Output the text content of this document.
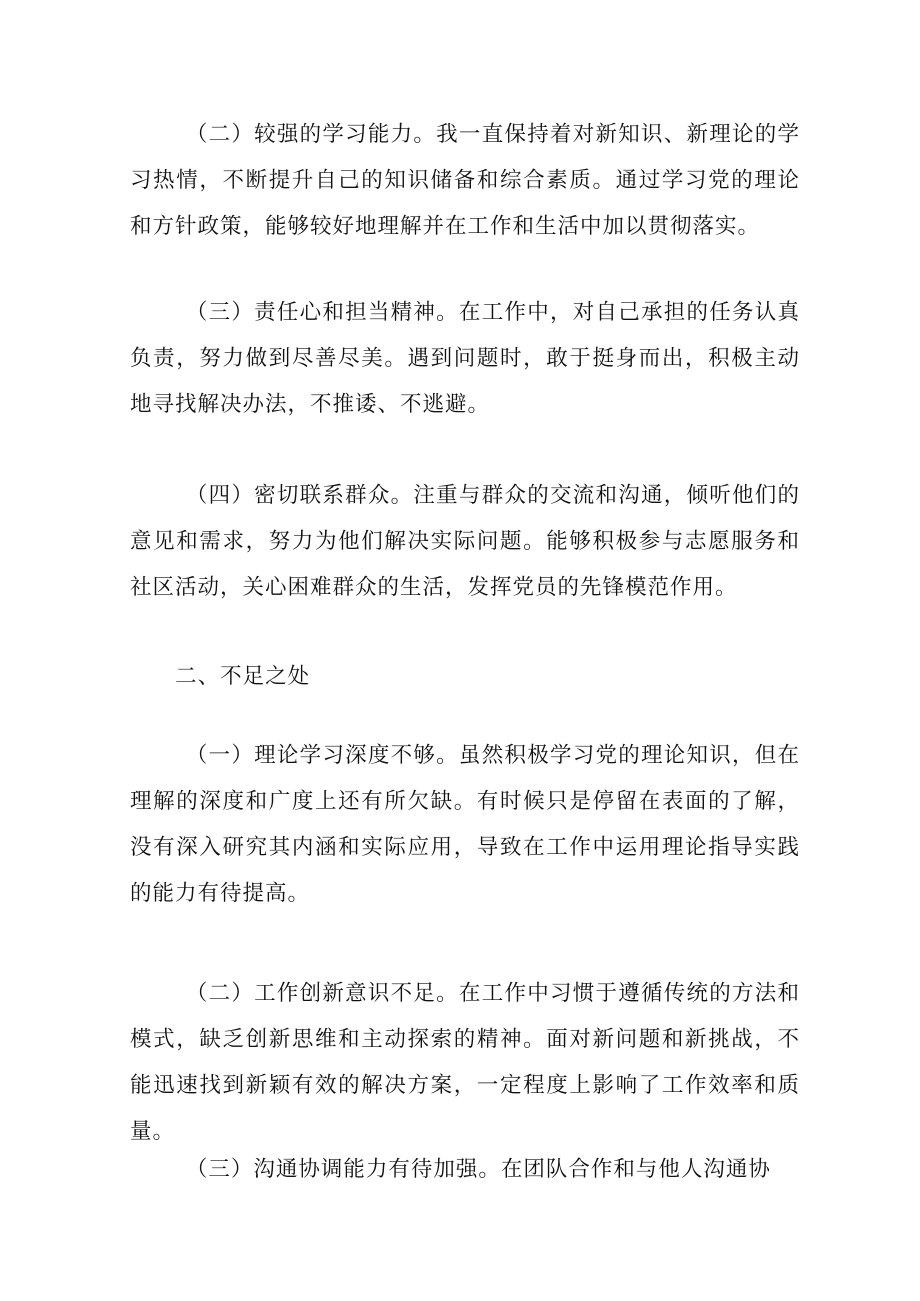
（二）较强的学习能力。我一直保持着对新知识、新理论的学习热情，不断提升自己的知识储备和综合素质。通过学习党的理论和方针政策，能够较好地理解并在工作和生活中加以贯彻落实。

（三）责任心和担当精神。在工作中，对自己承担的任务认真负责，努力做到尽善尽美。遇到问题时，敢于挺身而出，积极主动地寻找解决办法，不推诿、不逃避。

（四）密切联系群众。注重与群众的交流和沟通，倾听他们的意见和需求，努力为他们解决实际问题。能够积极参与志愿服务和社区活动，关心困难群众的生活，发挥党员的先锋模范作用。

二、不足之处

（一）理论学习深度不够。虽然积极学习党的理论知识，但在理解的深度和广度上还有所欠缺。有时候只是停留在表面的了解，没有深入研究其内涵和实际应用，导致在工作中运用理论指导实践的能力有待提高。

（二）工作创新意识不足。在工作中习惯于遵循传统的方法和模式，缺乏创新思维和主动探索的精神。面对新问题和新挑战，不能迅速找到新颖有效的解决方案，一定程度上影响了工作效率和质量。

（三）沟通协调能力有待加强。在团队合作和与他人沟通协
